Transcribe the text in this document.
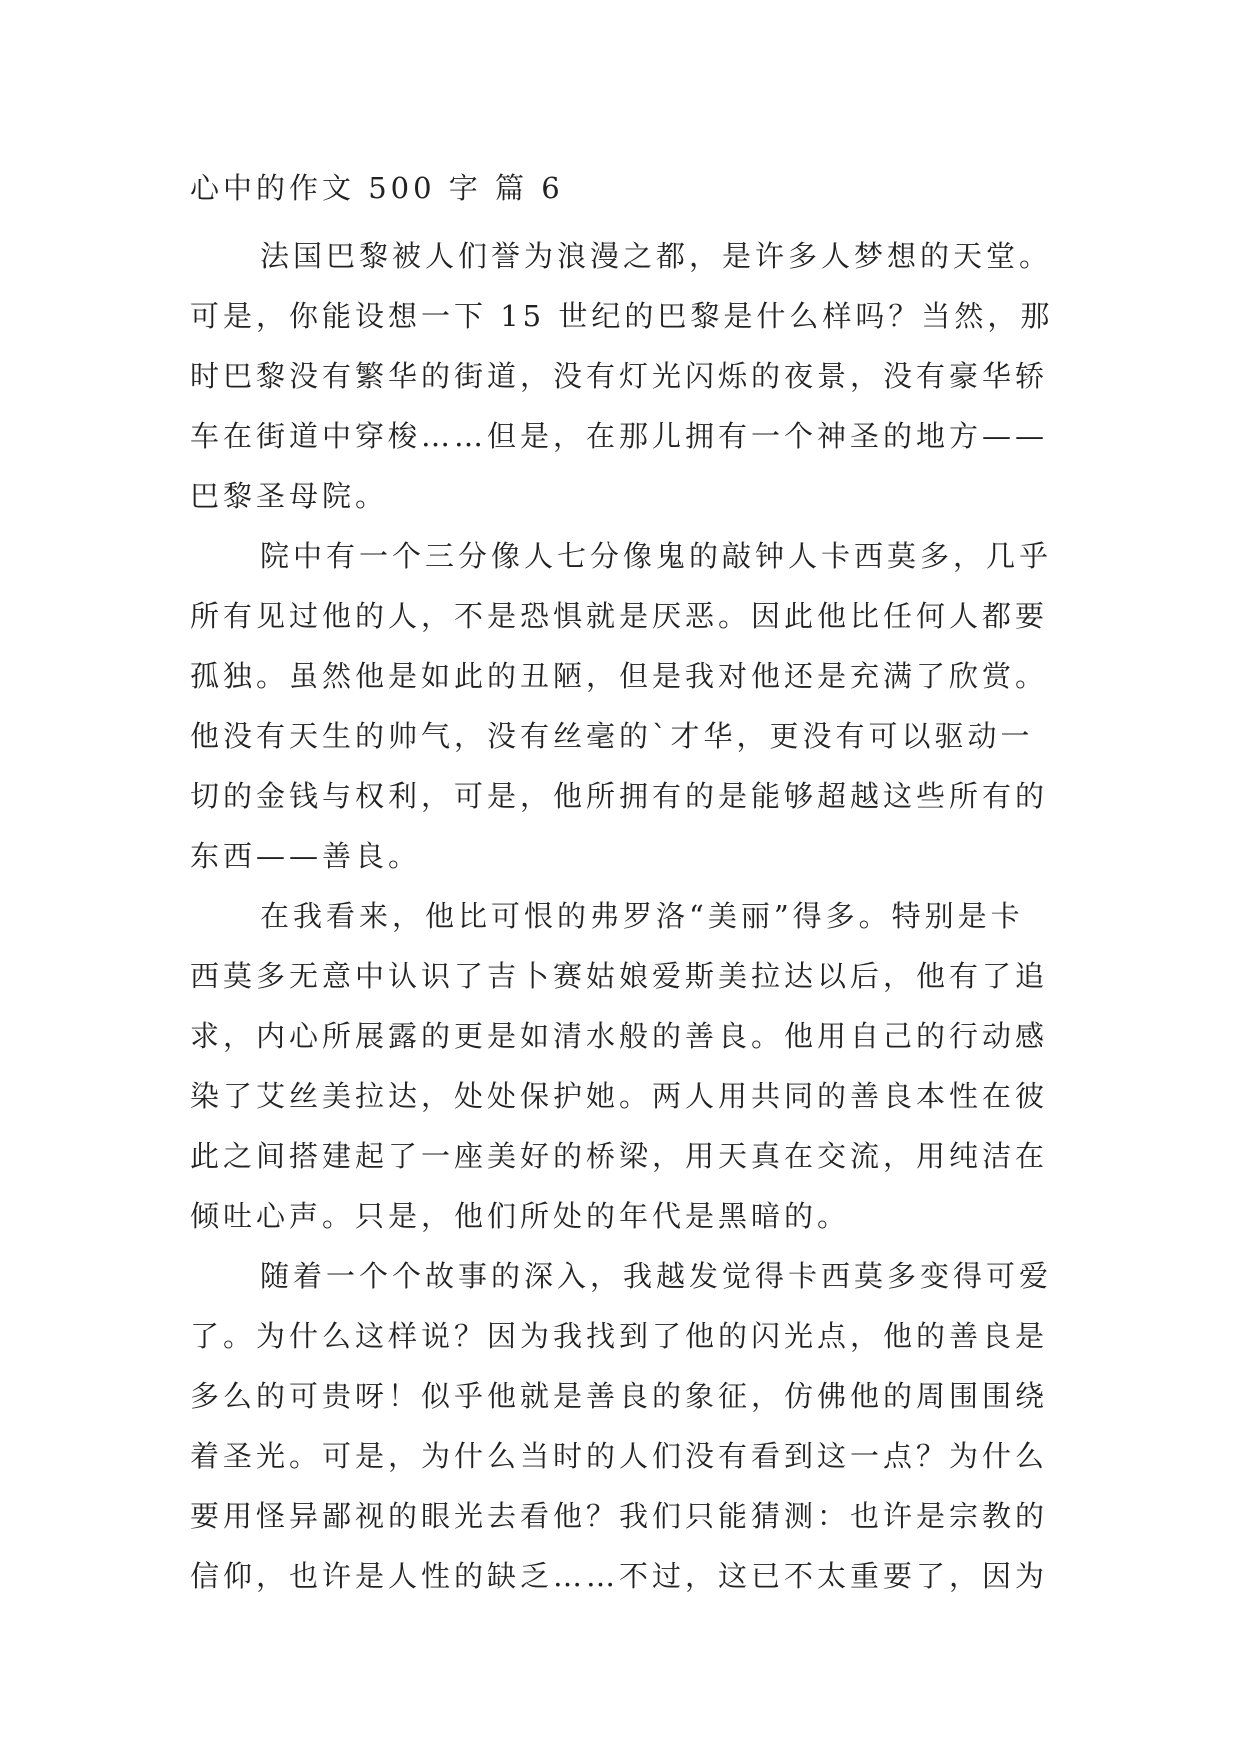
心中的作文 500 字 篇 6

法国巴黎被人们誉为浪漫之都，是许多人梦想的天堂。
可是，你能设想一下 15 世纪的巴黎是什么样吗？当然，那
时巴黎没有繁华的街道，没有灯光闪烁的夜景，没有豪华轿
车在街道中穿梭……但是，在那儿拥有一个神圣的地方——
巴黎圣母院。

院中有一个三分像人七分像鬼的敲钟人卡西莫多，几乎
所有见过他的人，不是恐惧就是厌恶。因此他比任何人都要
孤独。虽然他是如此的丑陋，但是我对他还是充满了欣赏。
他没有天生的帅气，没有丝毫的`才华，更没有可以驱动一
切的金钱与权利，可是，他所拥有的是能够超越这些所有的
东西——善良。

在我看来，他比可恨的弗罗洛“美丽”得多。特别是卡
西莫多无意中认识了吉卜赛姑娘爱斯美拉达以后，他有了追
求，内心所展露的更是如清水般的善良。他用自己的行动感
染了艾丝美拉达，处处保护她。两人用共同的善良本性在彼
此之间搭建起了一座美好的桥梁，用天真在交流，用纯洁在
倾吐心声。只是，他们所处的年代是黑暗的。

随着一个个故事的深入，我越发觉得卡西莫多变得可爱
了。为什么这样说？因为我找到了他的闪光点，他的善良是
多么的可贵呀！似乎他就是善良的象征，仿佛他的周围围绕
着圣光。可是，为什么当时的人们没有看到这一点？为什么
要用怪异鄙视的眼光去看他？我们只能猜测：也许是宗教的
信仰，也许是人性的缺乏……不过，这已不太重要了，因为
